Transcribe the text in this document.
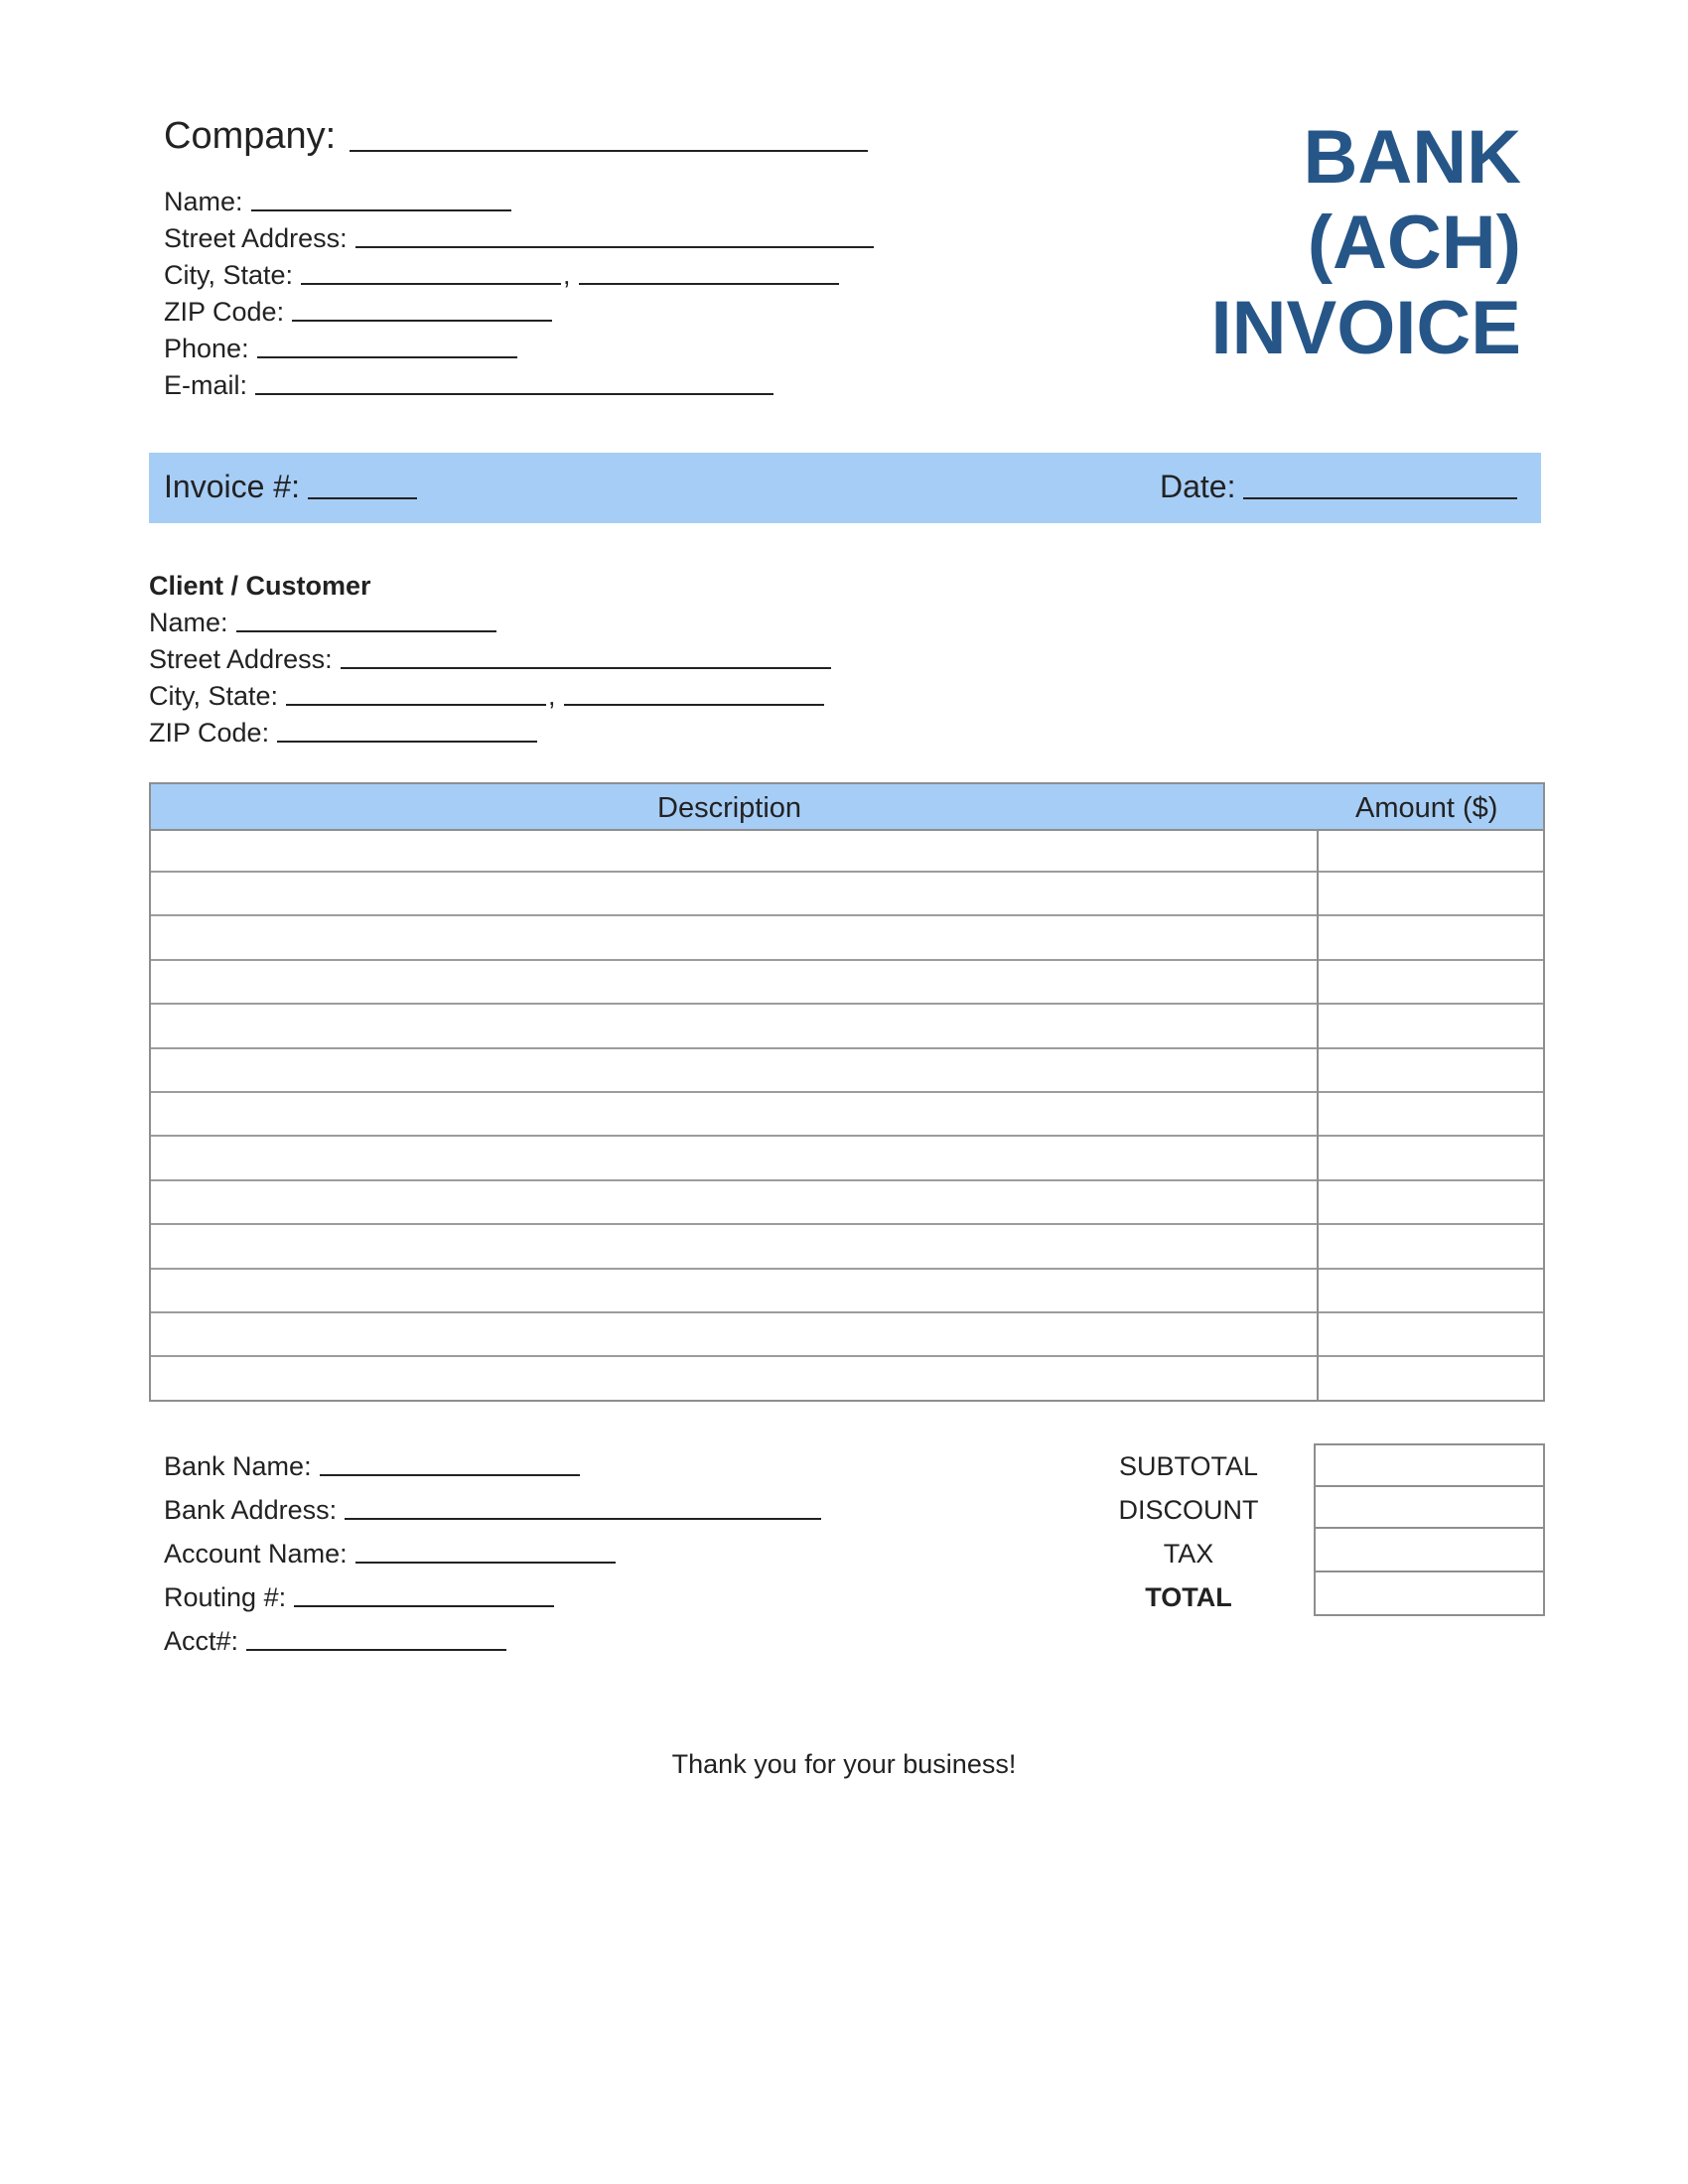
Company:
Name:
Street Address:
City, State:	,
ZIP Code:
Phone:
E-mail:
BANK
(ACH)
INVOICE
Invoice #:	Date:
Client / Customer
Name:
Street Address:
City, State:	,
ZIP Code:
Description	Amount ($)
Bank Name:
Bank Address:
Account Name:
Routing #:
Acct#:
SUBTOTAL
DISCOUNT
TAX
TOTAL
Thank you for your business!
